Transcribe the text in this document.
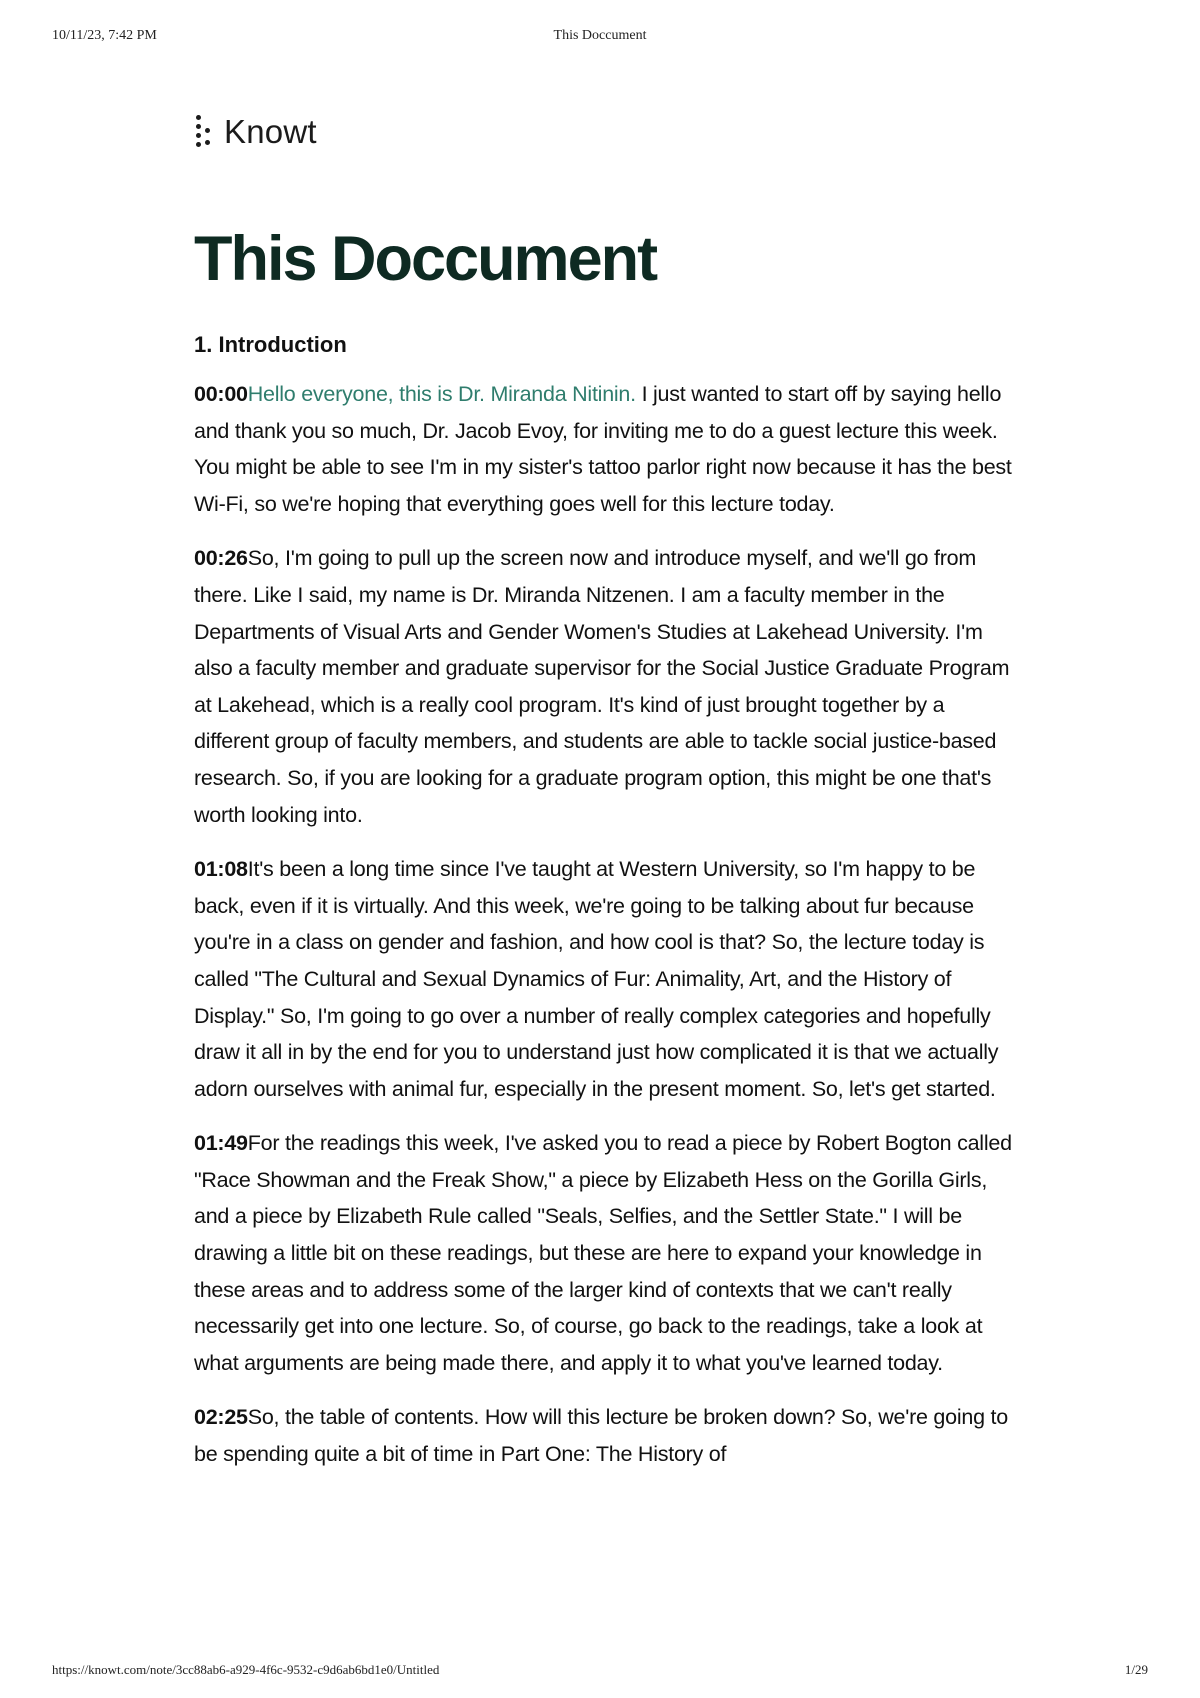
10/11/23, 7:42 PM	This Doccument
Knowt
This Doccument
1. Introduction

00:00Hello everyone, this is Dr. Miranda Nitinin. I just wanted to start off by saying hello and thank you so much, Dr. Jacob Evoy, for inviting me to do a guest lecture this week. You might be able to see I'm in my sister's tattoo parlor right now because it has the best Wi-Fi, so we're hoping that everything goes well for this lecture today.

00:26So, I'm going to pull up the screen now and introduce myself, and we'll go from there. Like I said, my name is Dr. Miranda Nitzenen. I am a faculty member in the Departments of Visual Arts and Gender Women's Studies at Lakehead University. I'm also a faculty member and graduate supervisor for the Social Justice Graduate Program at Lakehead, which is a really cool program. It's kind of just brought together by a different group of faculty members, and students are able to tackle social justice-based research. So, if you are looking for a graduate program option, this might be one that's worth looking into.

01:08It's been a long time since I've taught at Western University, so I'm happy to be back, even if it is virtually. And this week, we're going to be talking about fur because you're in a class on gender and fashion, and how cool is that? So, the lecture today is called "The Cultural and Sexual Dynamics of Fur: Animality, Art, and the History of Display." So, I'm going to go over a number of really complex categories and hopefully draw it all in by the end for you to understand just how complicated it is that we actually adorn ourselves with animal fur, especially in the present moment. So, let's get started.

01:49For the readings this week, I've asked you to read a piece by Robert Bogton called "Race Showman and the Freak Show," a piece by Elizabeth Hess on the Gorilla Girls, and a piece by Elizabeth Rule called "Seals, Selfies, and the Settler State." I will be drawing a little bit on these readings, but these are here to expand your knowledge in these areas and to address some of the larger kind of contexts that we can't really necessarily get into one lecture. So, of course, go back to the readings, take a look at what arguments are being made there, and apply it to what you've learned today.

02:25So, the table of contents. How will this lecture be broken down? So, we're going to be spending quite a bit of time in Part One: The History of

https://knowt.com/note/3cc88ab6-a929-4f6c-9532-c9d6ab6bd1e0/Untitled	1/29
